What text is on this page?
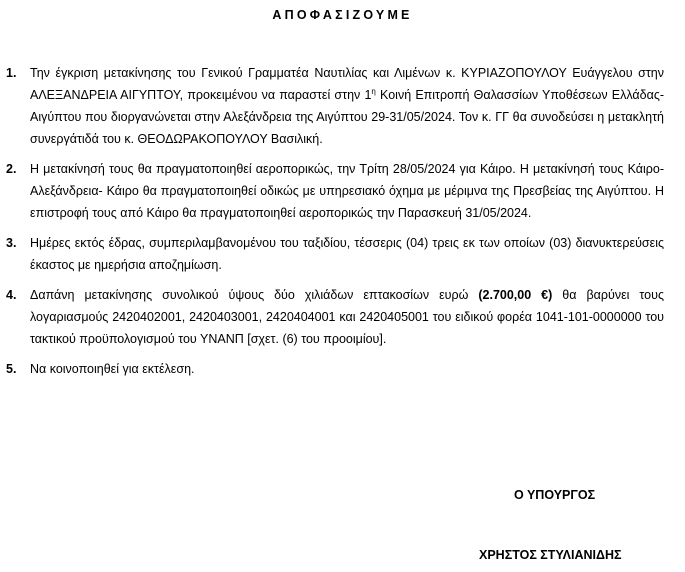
ΑΠΟΦΑΣΙΖΟΥΜΕ
1. Την έγκριση μετακίνησης του Γενικού Γραμματέα Ναυτιλίας και Λιμένων κ. ΚΥΡΙΑΖΟΠΟΥΛΟΥ Ευάγγελου στην ΑΛΕΞΑΝΔΡΕΙΑ ΑΙΓΥΠΤΟΥ, προκειμένου να παραστεί στην $1^\eta$ Κοινή Επιτροπή Θαλασσίων Υποθέσεων Ελλάδας-Αιγύπτου που διοργανώνεται στην Αλεξάνδρεια της Αιγύπτου 29-31/05/2024. Τον κ. ΓΓ θα συνοδεύσει η μετακλητή συνεργάτιδά του κ. ΘΕΟΔΩΡΑΚΟΠΟΥΛΟΥ Βασιλική.
2. Η μετακίνησή τους θα πραγματοποιηθεί αεροπορικώς, την Τρίτη 28/05/2024 για Κάιρο. Η μετακίνησή τους Κάιρο-Αλεξάνδρεια- Κάιρο θα πραγματοποιηθεί οδικώς με υπηρεσιακό όχημα με μέριμνα της Πρεσβείας της Αιγύπτου. Η επιστροφή τους από Κάιρο θα πραγματοποιηθεί αεροπορικώς την Παρασκευή 31/05/2024.
3. Ημέρες εκτός έδρας, συμπεριλαμβανομένου του ταξιδίου, τέσσερις (04) τρεις εκ των οποίων (03) διανυκτερεύσεις έκαστος με ημερήσια αποζημίωση.
4. Δαπάνη μετακίνησης συνολικού ύψους δύο χιλιάδων επτακοσίων ευρώ (2.700,00 €) θα βαρύνει τους λογαριασμούς 2420402001, 2420403001, 2420404001 και 2420405001 του ειδικού φορέα 1041-101-0000000 του τακτικού προϋπολογισμού του ΥΝΑΝΠ [σχετ. (6) του προοιμίου].
5. Να κοινοποιηθεί για εκτέλεση.
Ο ΥΠΟΥΡΓΟΣ
ΧΡΗΣΤΟΣ ΣΤΥΛΙΑΝΙΔΗΣ
